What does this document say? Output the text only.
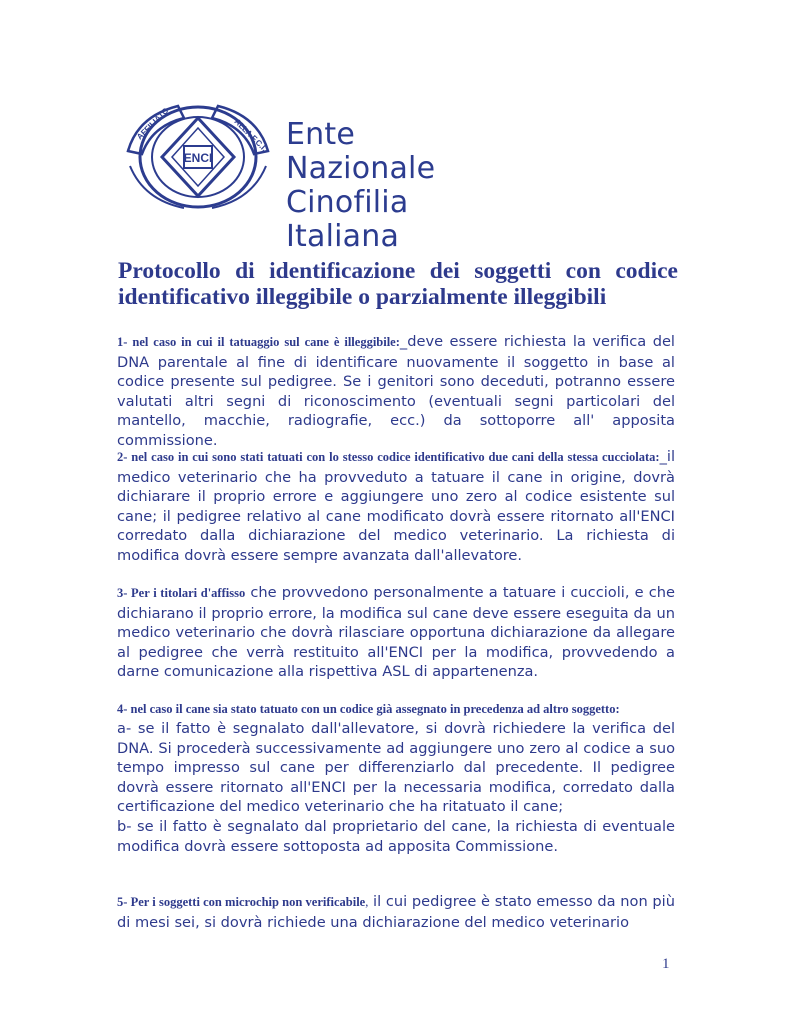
AFFILIATO	ALLA F.C.I.
ENCI
Ente Nazionale
Cinofilia Italiana
Protocollo di identificazione dei soggetti con codice identificativo illeggibile o parzialmente illeggibili

1- nel caso in cui il tatuaggio sul cane è illeggibile:_deve essere richiesta la verifica del DNA parentale al fine di identificare nuovamente il soggetto in base al codice presente sul pedigree. Se i genitori sono deceduti, potranno essere valutati altri segni di riconoscimento (eventuali segni particolari del mantello, macchie, radiografie, ecc.) da sottoporre all' apposita commissione.

2- nel caso in cui sono stati tatuati con lo stesso codice identificativo due cani della stessa cucciolata:_il medico veterinario che ha provveduto a tatuare il cane in origine, dovrà dichiarare il proprio errore e aggiungere uno zero al codice esistente sul cane; il pedigree relativo al cane modificato dovrà essere ritornato all'ENCI corredato dalla dichiarazione del medico veterinario. La richiesta di modifica dovrà essere sempre avanzata dall'allevatore.

3- Per i titolari d'affisso che provvedono personalmente a tatuare i cuccioli, e che dichiarano il proprio errore, la modifica sul cane deve essere eseguita da un medico veterinario che dovrà rilasciare opportuna dichiarazione da allegare al pedigree che verrà restituito all'ENCI per la modifica, provvedendo a darne comunicazione alla rispettiva ASL di appartenenza.

4- nel caso il cane sia stato tatuato con un codice già assegnato in precedenza ad altro soggetto:
a- se il fatto è segnalato dall'allevatore, si dovrà richiedere la verifica del DNA. Si procederà successivamente ad aggiungere uno zero al codice a suo tempo impresso sul cane per differenziarlo dal precedente. Il pedigree dovrà essere ritornato all'ENCI per la necessaria modifica, corredato dalla certificazione del medico veterinario che ha ritatuato il cane;
b- se il fatto è segnalato dal proprietario del cane, la richiesta di eventuale modifica dovrà essere sottoposta ad apposita Commissione.

5- Per i soggetti con microchip non verificabile, il cui pedigree è stato emesso da non più di mesi sei, si dovrà richiede una dichiarazione del medico veterinario

1
